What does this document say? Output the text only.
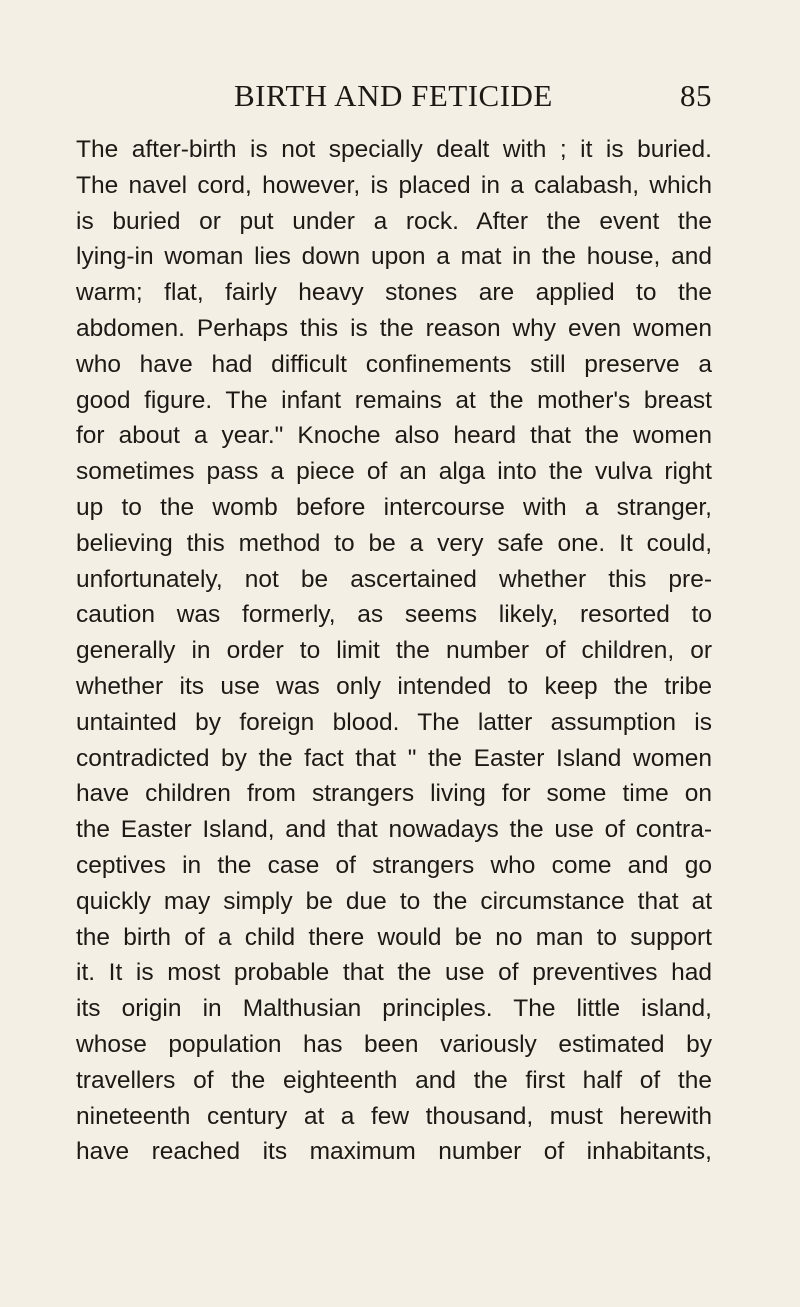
BIRTH AND FETICIDE	85
The after-birth is not specially dealt with ; it is buried.
The navel cord, however, is placed in a calabash, which
is buried or put under a rock. After the event the
lying-in woman lies down upon a mat in the house, and
warm; flat, fairly heavy stones are applied to the
abdomen. Perhaps this is the reason why even women
who have had difficult confinements still preserve a
good figure. The infant remains at the mother's breast
for about a year." Knoche also heard that the women
sometimes pass a piece of an alga into the vulva right
up to the womb before intercourse with a stranger,
believing this method to be a very safe one. It could,
unfortunately, not be ascertained whether this pre-
caution was formerly, as seems likely, resorted to
generally in order to limit the number of children, or
whether its use was only intended to keep the tribe
untainted by foreign blood. The latter assumption is
contradicted by the fact that " the Easter Island women
have children from strangers living for some time on
the Easter Island, and that nowadays the use of contra-
ceptives in the case of strangers who come and go
quickly may simply be due to the circumstance that at
the birth of a child there would be no man to support
it. It is most probable that the use of preventives had
its origin in Malthusian principles. The little island,
whose population has been variously estimated by
travellers of the eighteenth and the first half of the
nineteenth century at a few thousand, must herewith
have reached its maximum number of inhabitants,
